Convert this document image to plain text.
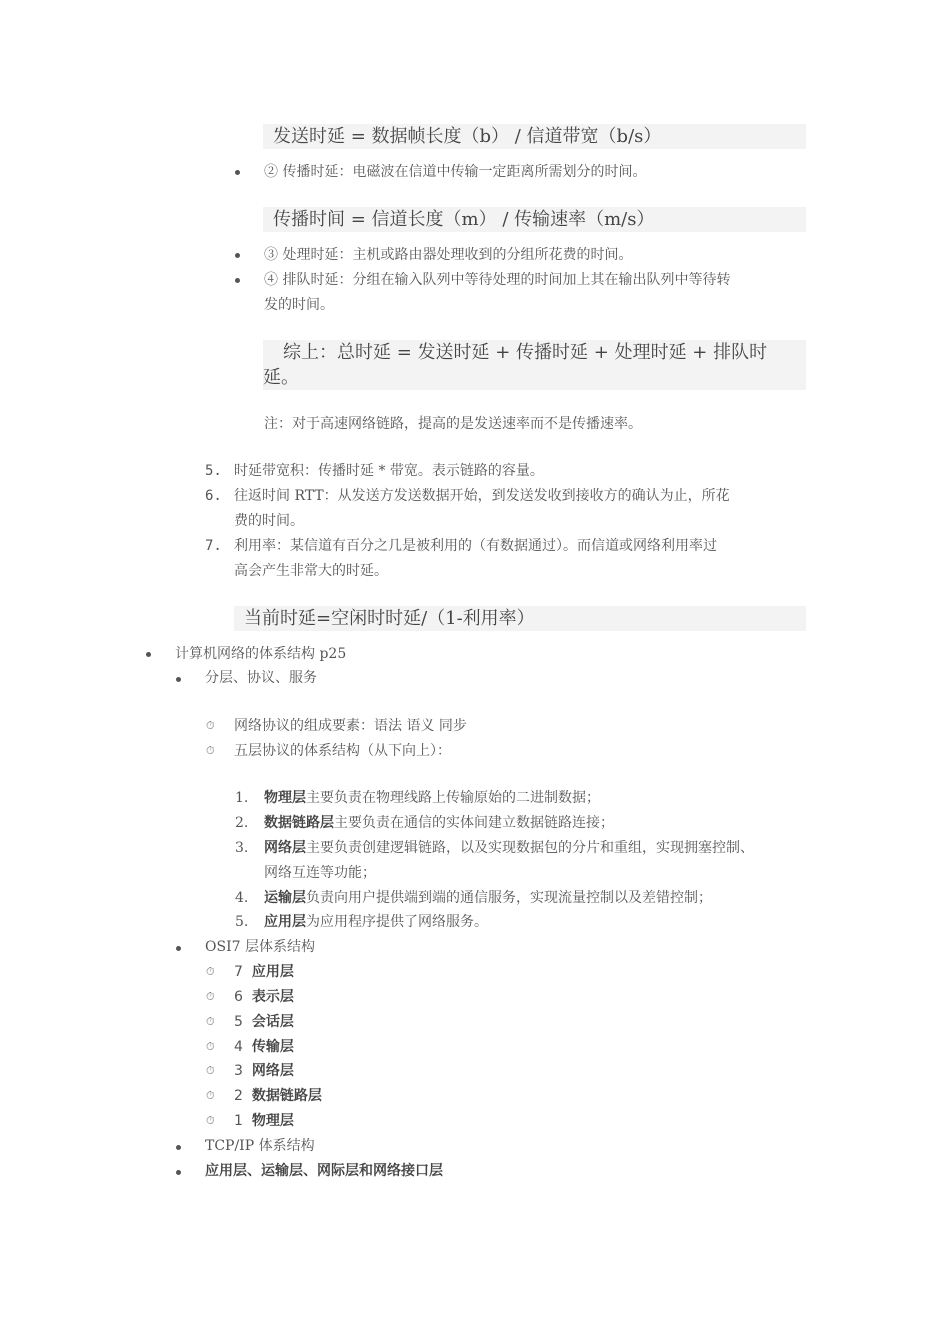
发送时延 = 数据帧长度（b） / 信道带宽（b/s）
② 传播时延：电磁波在信道中传输一定距离所需划分的时间。
传播时间 = 信道长度（m） / 传输速率（m/s）
③ 处理时延：主机或路由器处理收到的分组所花费的时间。
④ 排队时延：分组在输入队列中等待处理的时间加上其在输出队列中等待转
发的时间。
综上：总时延 = 发送时延 + 传播时延 + 处理时延 + 排队时
延。
注：对于高速网络链路，提高的是发送速率而不是传播速率。
5. 时延带宽积：传播时延 * 带宽。表示链路的容量。
6. 往返时间 RTT：从发送方发送数据开始，到发送发收到接收方的确认为止，所花
费的时间。
7. 利用率：某信道有百分之几是被利用的（有数据通过）。而信道或网络利用率过
高会产生非常大的时延。
当前时延=空闲时时延/（1-利用率）
计算机网络的体系结构 p25
分层、协议、服务
⏱ 网络协议的组成要素：语法 语义 同步
⏱ 五层协议的体系结构（从下向上）：
1. 物理层主要负责在物理线路上传输原始的二进制数据；
2. 数据链路层主要负责在通信的实体间建立数据链路连接；
3. 网络层主要负责创建逻辑链路，以及实现数据包的分片和重组，实现拥塞控制、
网络互连等功能；
4. 运输层负责向用户提供端到端的通信服务，实现流量控制以及差错控制；
5. 应用层为应用程序提供了网络服务。
OSI7 层体系结构
⏱ 7 应用层
⏱ 6 表示层
⏱ 5 会话层
⏱ 4 传输层
⏱ 3 网络层
⏱ 2 数据链路层
⏱ 1 物理层
TCP/IP 体系结构
应用层、运输层、网际层和网络接口层
